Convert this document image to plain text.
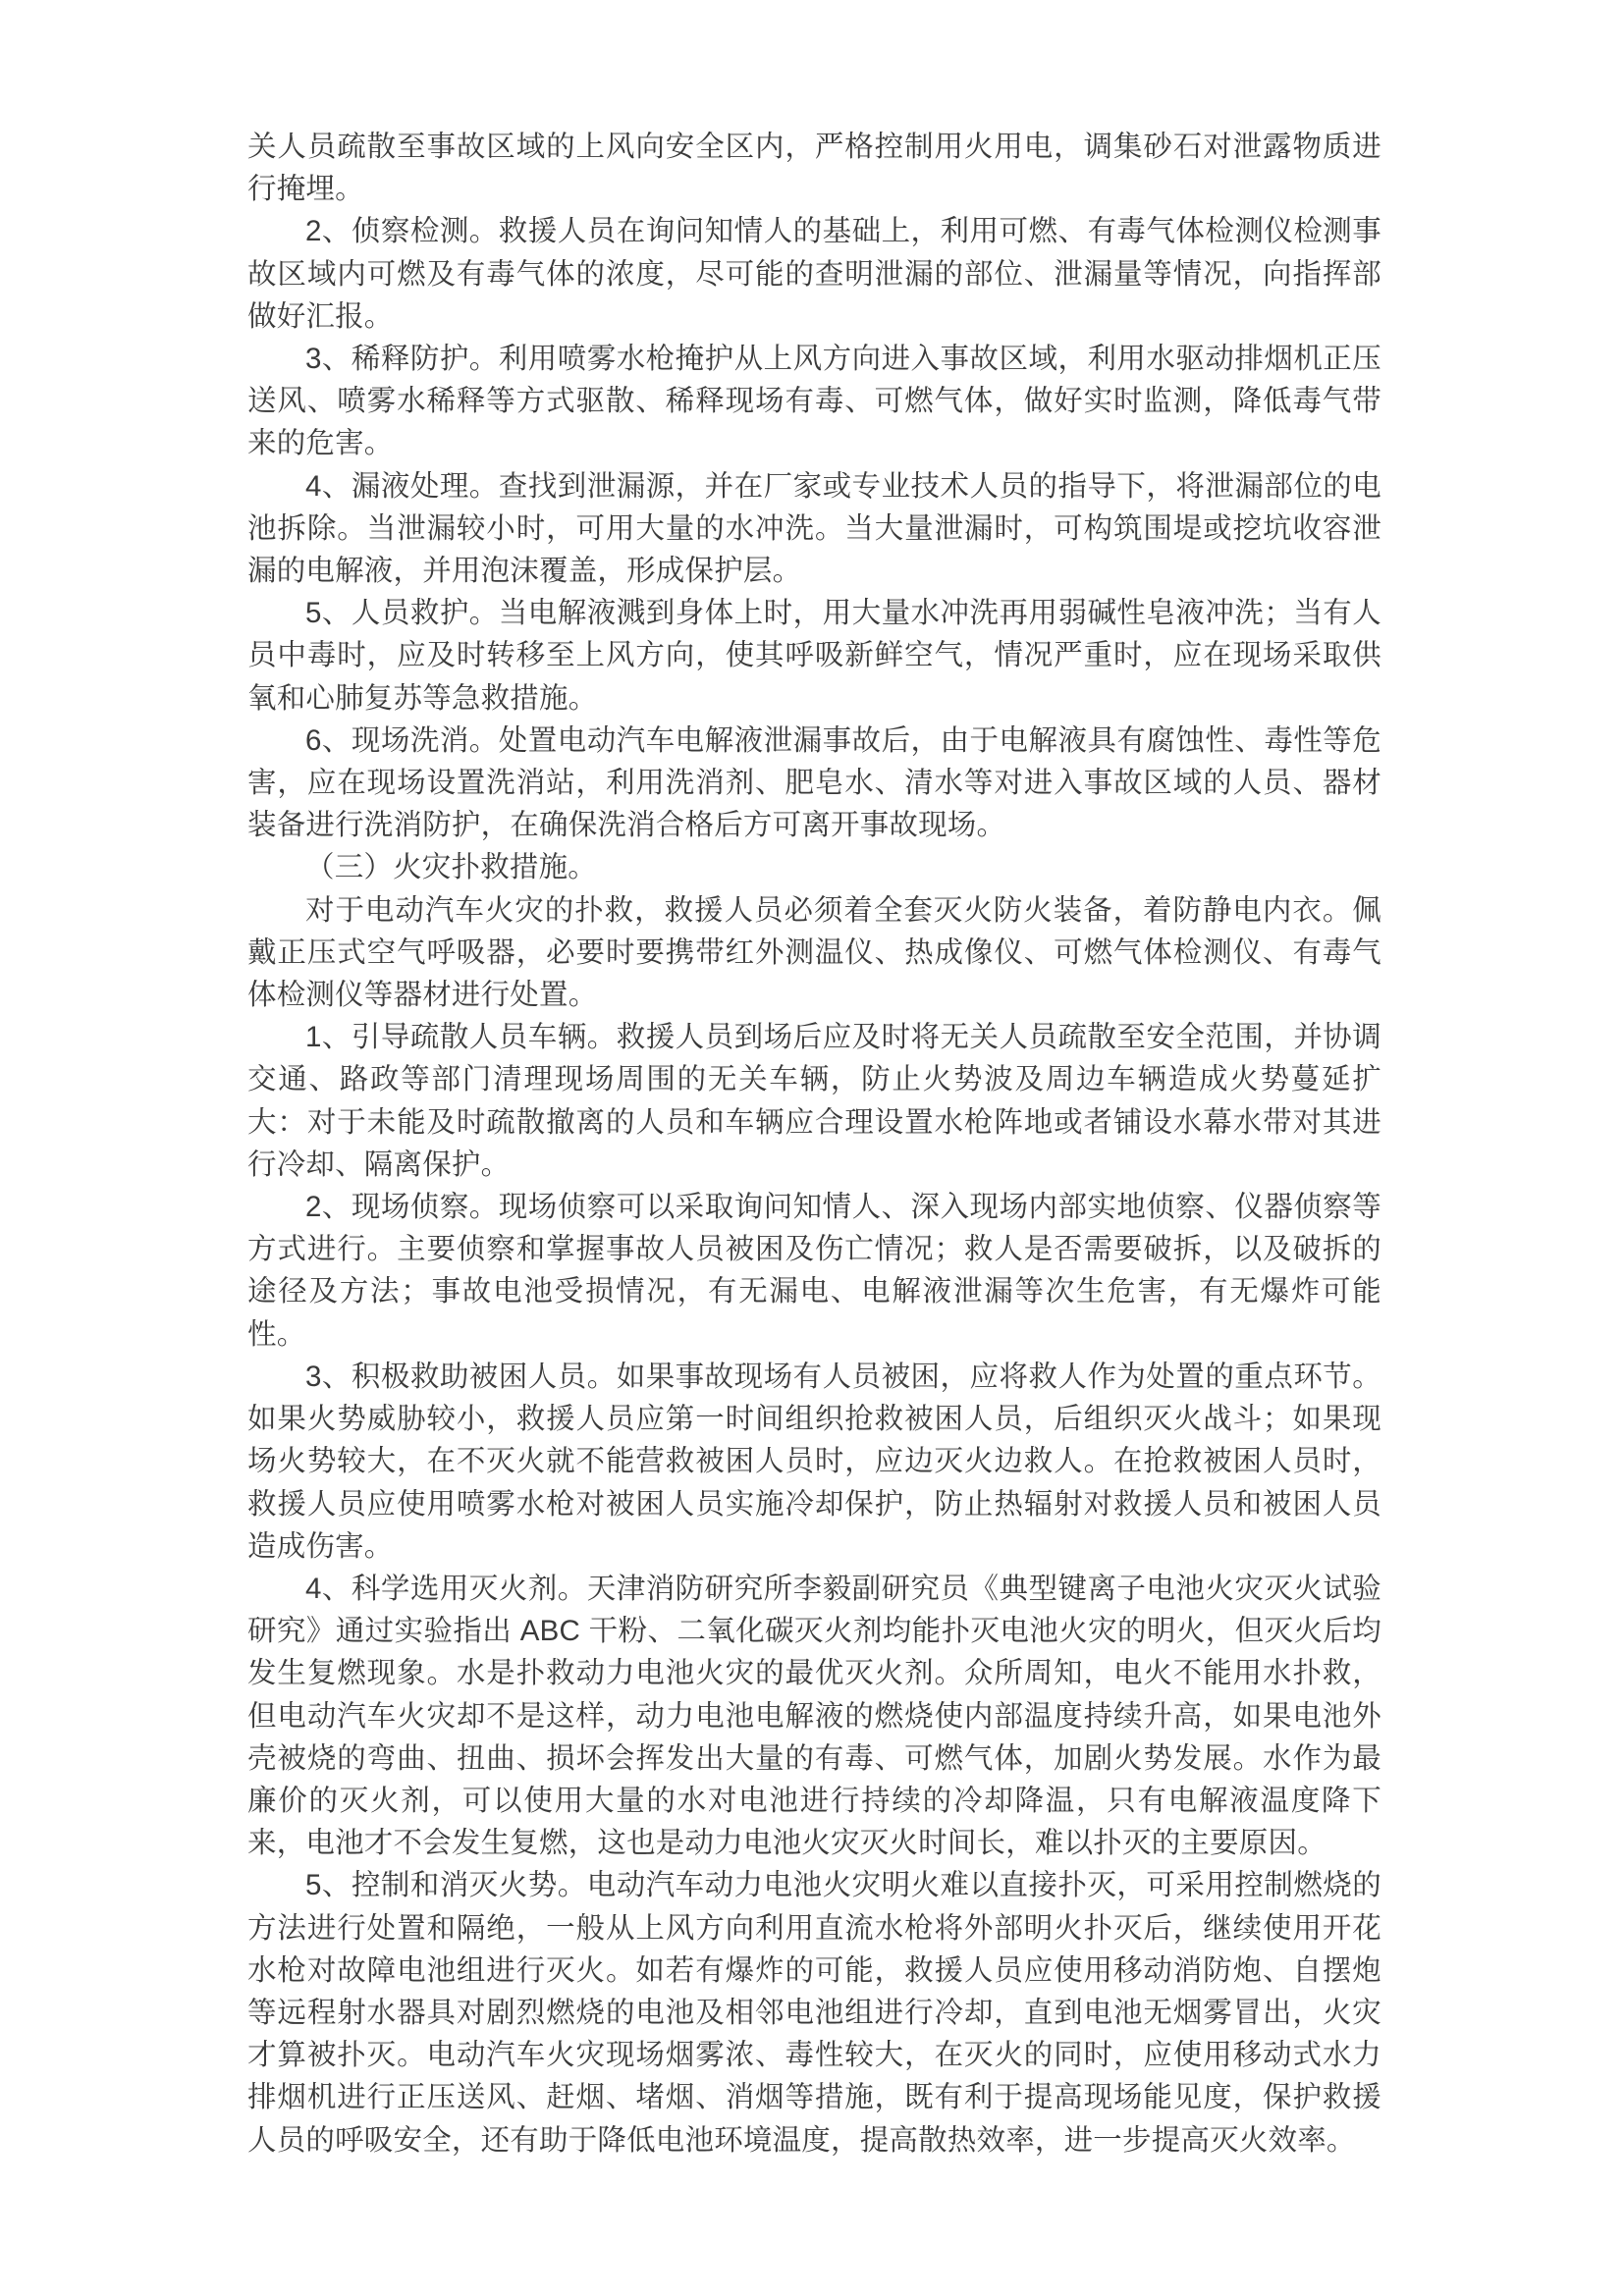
关人员疏散至事故区域的上风向安全区内，严格控制用火用电，调集砂石对泄露物质进行掩埋。

2、侦察检测。救援人员在询问知情人的基础上，利用可燃、有毒气体检测仪检测事故区域内可燃及有毒气体的浓度，尽可能的查明泄漏的部位、泄漏量等情况，向指挥部做好汇报。

3、稀释防护。利用喷雾水枪掩护从上风方向进入事故区域，利用水驱动排烟机正压送风、喷雾水稀释等方式驱散、稀释现场有毒、可燃气体，做好实时监测，降低毒气带来的危害。

4、漏液处理。查找到泄漏源，并在厂家或专业技术人员的指导下，将泄漏部位的电池拆除。当泄漏较小时，可用大量的水冲洗。当大量泄漏时，可构筑围堤或挖坑收容泄漏的电解液，并用泡沫覆盖，形成保护层。

5、人员救护。当电解液溅到身体上时，用大量水冲洗再用弱碱性皂液冲洗；当有人员中毒时，应及时转移至上风方向，使其呼吸新鲜空气，情况严重时，应在现场采取供氧和心肺复苏等急救措施。

6、现场洗消。处置电动汽车电解液泄漏事故后，由于电解液具有腐蚀性、毒性等危害，应在现场设置洗消站，利用洗消剂、肥皂水、清水等对进入事故区域的人员、器材装备进行洗消防护，在确保洗消合格后方可离开事故现场。

（三）火灾扑救措施。

对于电动汽车火灾的扑救，救援人员必须着全套灭火防火装备，着防静电内衣。佩戴正压式空气呼吸器，必要时要携带红外测温仪、热成像仪、可燃气体检测仪、有毒气体检测仪等器材进行处置。

1、引导疏散人员车辆。救援人员到场后应及时将无关人员疏散至安全范围，并协调交通、路政等部门清理现场周围的无关车辆，防止火势波及周边车辆造成火势蔓延扩大：对于未能及时疏散撤离的人员和车辆应合理设置水枪阵地或者铺设水幕水带对其进行冷却、隔离保护。

2、现场侦察。现场侦察可以采取询问知情人、深入现场内部实地侦察、仪器侦察等方式进行。主要侦察和掌握事故人员被困及伤亡情况；救人是否需要破拆，以及破拆的途径及方法；事故电池受损情况，有无漏电、电解液泄漏等次生危害，有无爆炸可能性。

3、积极救助被困人员。如果事故现场有人员被困，应将救人作为处置的重点环节。如果火势威胁较小，救援人员应第一时间组织抢救被困人员，后组织灭火战斗；如果现场火势较大，在不灭火就不能营救被困人员时，应边灭火边救人。在抢救被困人员时，救援人员应使用喷雾水枪对被困人员实施冷却保护，防止热辐射对救援人员和被困人员造成伤害。

4、科学选用灭火剂。天津消防研究所李毅副研究员《典型键离子电池火灾灭火试验研究》通过实验指出 ABC 干粉、二氧化碳灭火剂均能扑灭电池火灾的明火，但灭火后均发生复燃现象。水是扑救动力电池火灾的最优灭火剂。众所周知，电火不能用水扑救，但电动汽车火灾却不是这样，动力电池电解液的燃烧使内部温度持续升高，如果电池外壳被烧的弯曲、扭曲、损坏会挥发出大量的有毒、可燃气体，加剧火势发展。水作为最廉价的灭火剂，可以使用大量的水对电池进行持续的冷却降温，只有电解液温度降下来，电池才不会发生复燃，这也是动力电池火灾灭火时间长，难以扑灭的主要原因。

5、控制和消灭火势。电动汽车动力电池火灾明火难以直接扑灭，可采用控制燃烧的方法进行处置和隔绝，一般从上风方向利用直流水枪将外部明火扑灭后，继续使用开花水枪对故障电池组进行灭火。如若有爆炸的可能，救援人员应使用移动消防炮、自摆炮等远程射水器具对剧烈燃烧的电池及相邻电池组进行冷却，直到电池无烟雾冒出，火灾才算被扑灭。电动汽车火灾现场烟雾浓、毒性较大，在灭火的同时，应使用移动式水力排烟机进行正压送风、赶烟、堵烟、消烟等措施，既有利于提高现场能见度，保护救援人员的呼吸安全，还有助于降低电池环境温度，提高散热效率，进一步提高灭火效率。
